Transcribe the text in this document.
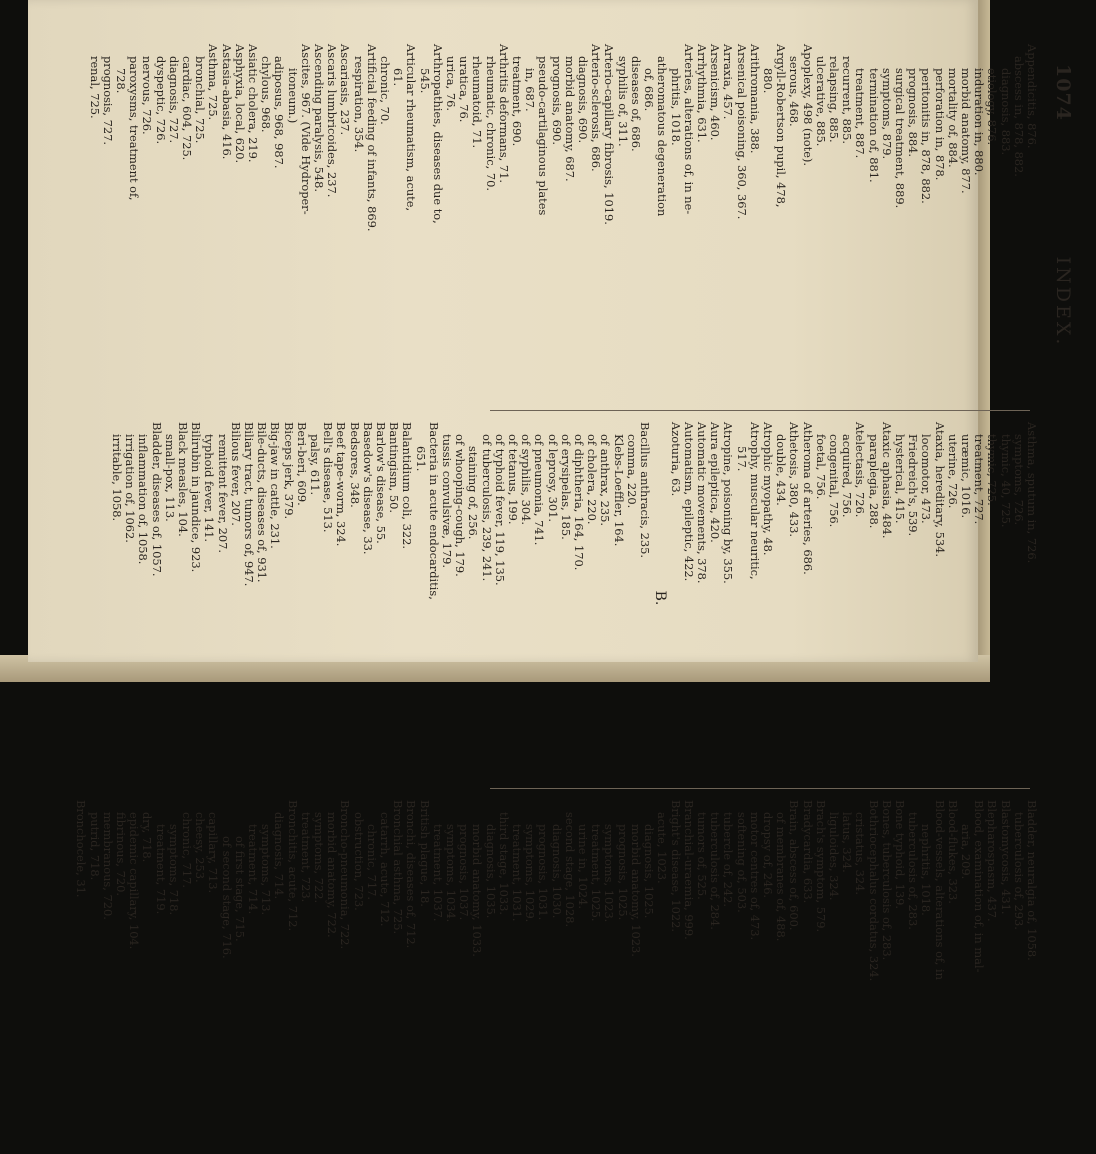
1074
INDEX.
Appendicitis, 876.
abscess in, 878, 882.
diagnosis, 883.
etiology, 876.
induration in, 880.
morbid anatomy, 877.
mortality of, 884.
perforation in, 878.
peritonitis in, 878, 882.
prognosis, 884.
surgical treatment, 889.
symptoms, 879.
termination of, 881.
treatment, 887.
recurrent, 885.
relapsing, 885.
ulcerative, 885.
Apoplexy, 498 (note).
serous, 468.
Argyll-Robertson pupil, 478,
880.
Arithromania, 388.
Arsenical poisoning, 360, 367.
Arraxia, 457.
Arsenicism, 460.
Arrhythmia, 631.
Arteries, alterations of, in ne-
phritis, 1018.
atheromatous degeneration
of, 686.
diseases of, 686.
syphilis of, 311.
Arterio-capillary fibrosis, 1019.
Arterio-sclerosis, 686.
diagnosis, 690.
morbid anatomy, 687.
prognosis, 690.
pseudo-cartilaginous plates
in, 687.
treatment, 690.
Arthritis deformans, 71.
rheumatic, chronic, 70.
rheumatoid, 71.
uratica, 76.
urica, 76.
Arthropathies, diseases due to,
545.
Articular rheumatism, acute,
61.
chronic, 70.
Artificial feeding of infants, 869.
respiration, 354.
Ascariasis, 237.
Ascaris lumbricoides, 237.
Ascending paralysis, 548.
Ascites, 967. (Vide Hydroper-
itoneum.)
adiposus, 968, 987.
chylous, 968.
Asiatic cholera, 219.
Asphyxia, local, 620.
Astasia-abasia, 416.
Asthma, 725.
bronchial, 725.
cardiac, 604, 725.
diagnosis, 727.
dyspeptic, 726.
nervous, 726.
paroxysms, treatment of,
728.
prognosis, 727.
renal, 725.
Asthma, sputum in, 726.
symptoms, 726.
thymic, 40, 725.
thymic, 725.
treatment, 727.
uræmic, 1016.
uterine, 726.
Ataxia, hereditary, 534.
locomotor, 473.
Friedreich's, 539.
hysterical, 415.
Ataxic aphasia, 484.
paraplegia, 288.
Atelectasis, 726.
acquired, 756.
congenital, 756.
foetal, 756.
Atheroma of arteries, 686.
Athetosis, 380, 433.
double, 434.
Atrophic myopathy, 48.
Atrophy, muscular neuritic,
517.
Atropine, poisoning by, 355.
Aura epileptica, 420.
Automatic movements, 378.
Automatism, epileptic, 422.
Azoturia, 63.
B.
Bacillus anthracis, 235.
comma, 220.
Klebs-Loeffler, 164.
of anthrax, 235.
of cholera, 220.
of diphtheria, 164, 170.
of erysipelas, 185.
of leprosy, 301.
of pneumonia, 741.
of syphilis, 304.
of tetanus, 199.
of typhoid fever, 119, 135.
of tuberculosis, 239, 241.
staining of, 256.
of whooping-cough, 179.
tussis convulsivæ, 179.
Bacteria in acute endocarditis,
651.
Balantidium coli, 322.
Bantingism, 50.
Barlow's disease, 55.
Basedow's disease, 33.
Bedsores, 348.
Beef tape-worm, 324.
Bell's disease, 513.
palsy, 611.
Beri-beri, 609.
Biceps jerk, 379.
Big-jaw in cattle, 231.
Bile-ducts, diseases of, 931.
Biliary tract, tumors of, 947.
Bilious fever, 207.
remittent fever, 207.
typhoid fever, 141.
Bilirubin in jaundice, 923.
Black measles, 104.
small-pox, 113.
Bladder, diseases of, 1057.
inflammation of, 1058.
irrigation of, 1062.
irritable, 1058.
Bladder, neuralgia of, 1058.
tuberculosis of, 293.
Blastomycosis, 431.
Blepharospasm, 437.
Blood, examination of, in mal-
aria, 209.
Blood-flukes, 323.
Blood-vessels, alterations of, in
nephritis, 1018.
tuberculosis of, 283.
Bone typhoid, 139.
Bones, tuberculosis of, 283.
Bothriocephalus cordatus, 324.
cristatus, 324.
latus, 324.
liguloides, 324.
Brach's symptom, 579.
Bradycardia, 633.
Brain, abscess of, 600.
of membranes of, 488.
dropsy of, 246.
motor centres of, 473.
softening of, 503.
tubercle of, 242.
tuberculosis of, 284.
tumors of, 525.
Branchial-uraemia, 999.
Bright's disease, 1022.
acute, 1023.
diagnosis, 1025.
morbid anatomy, 1023.
prognosis, 1025.
symptoms, 1023.
treatment, 1025.
urine in, 1024.
second stage, 1028.
diagnosis, 1030.
prognosis, 1031.
symptoms, 1029.
treatment, 1031.
third stage, 1033.
diagnosis, 1035.
morbid anatomy, 1033.
prognosis, 1037.
symptoms, 1034.
treatment, 1037.
British plague, 18.
Bronchi, diseases of, 712.
Bronchial asthma, 725.
catarrh, acute, 712.
chronic, 717.
obstruction, 723.
Broncho-pneumonia, 722.
morbid anatomy, 722.
symptoms, 722.
treatment, 723.
Bronchitis, acute, 712.
diagnosis, 714.
symptoms, 713.
treatment, 714.
of first stage, 715.
of second stage, 716.
capillary, 713.
cheesy, 253.
chronic, 717.
symptoms, 718.
treatment, 719.
dry, 718.
epidemic capillary, 104.
fibrinous, 720.
membranous, 720.
putrid, 718.
Bronchocele, 31.
